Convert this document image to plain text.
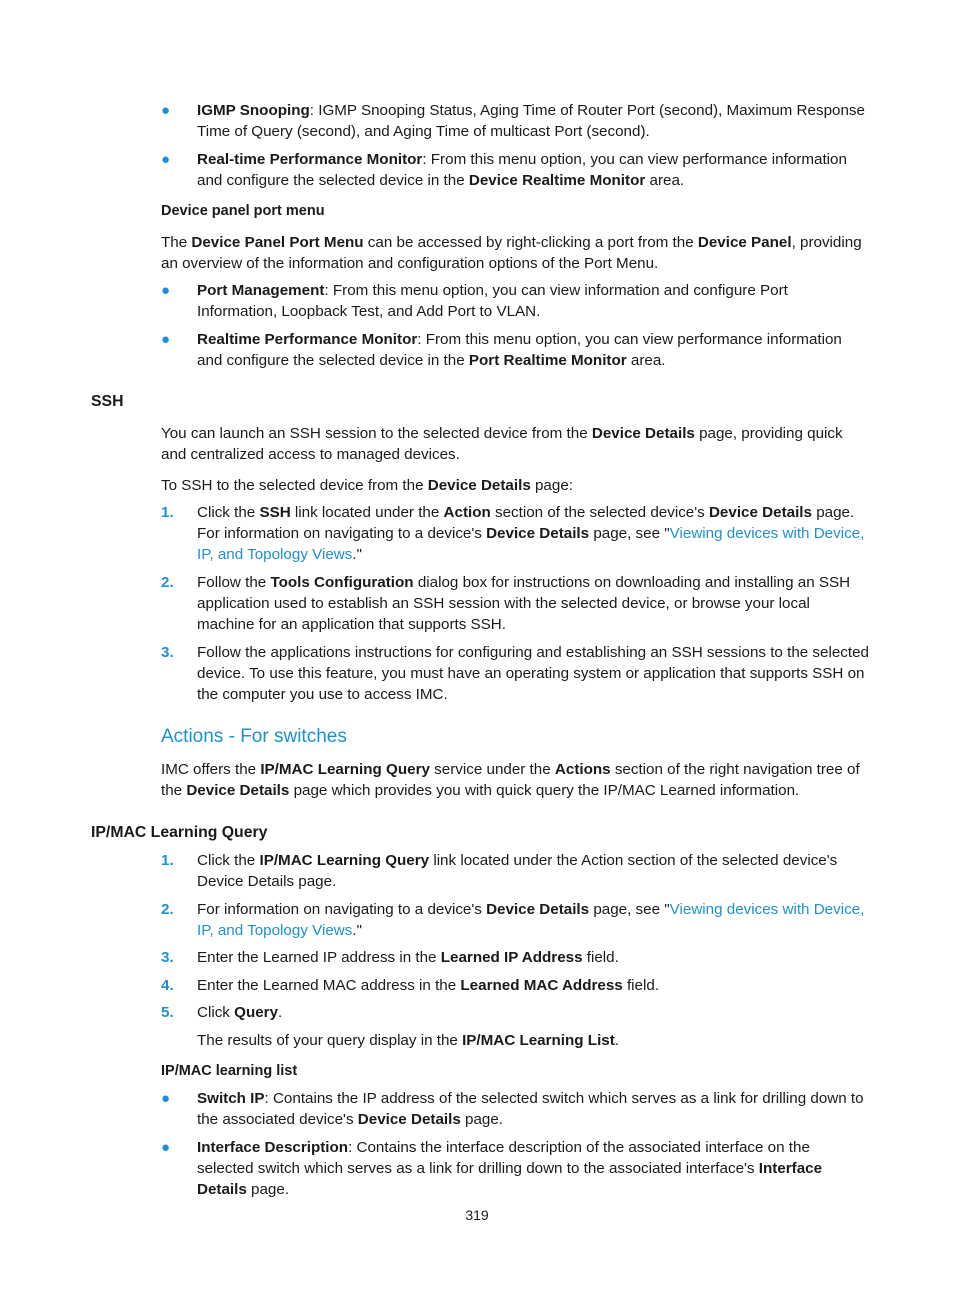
● IGMP Snooping: IGMP Snooping Status, Aging Time of Router Port (second), Maximum Response Time of Query (second), and Aging Time of multicast Port (second).

● Real-time Performance Monitor: From this menu option, you can view performance information and configure the selected device in the Device Realtime Monitor area.

Device panel port menu

The Device Panel Port Menu can be accessed by right-clicking a port from the Device Panel, providing an overview of the information and configuration options of the Port Menu.

● Port Management: From this menu option, you can view information and configure Port Information, Loopback Test, and Add Port to VLAN.

● Realtime Performance Monitor: From this menu option, you can view performance information and configure the selected device in the Port Realtime Monitor area.

SSH

You can launch an SSH session to the selected device from the Device Details page, providing quick and centralized access to managed devices.

To SSH to the selected device from the Device Details page:

1. Click the SSH link located under the Action section of the selected device's Device Details page. For information on navigating to a device's Device Details page, see "Viewing devices with Device, IP, and Topology Views."

2. Follow the Tools Configuration dialog box for instructions on downloading and installing an SSH application used to establish an SSH session with the selected device, or browse your local machine for an application that supports SSH.

3. Follow the applications instructions for configuring and establishing an SSH sessions to the selected device. To use this feature, you must have an operating system or application that supports SSH on the computer you use to access IMC.

Actions - For switches

IMC offers the IP/MAC Learning Query service under the Actions section of the right navigation tree of the Device Details page which provides you with quick query the IP/MAC Learned information.

IP/MAC Learning Query

1. Click the IP/MAC Learning Query link located under the Action section of the selected device's Device Details page.

2. For information on navigating to a device's Device Details page, see "Viewing devices with Device, IP, and Topology Views."

3. Enter the Learned IP address in the Learned IP Address field.

4. Enter the Learned MAC address in the Learned MAC Address field.

5. Click Query.

The results of your query display in the IP/MAC Learning List.

IP/MAC learning list

● Switch IP: Contains the IP address of the selected switch which serves as a link for drilling down to the associated device's Device Details page.

● Interface Description: Contains the interface description of the associated interface on the selected switch which serves as a link for drilling down to the associated interface's Interface Details page.

319
